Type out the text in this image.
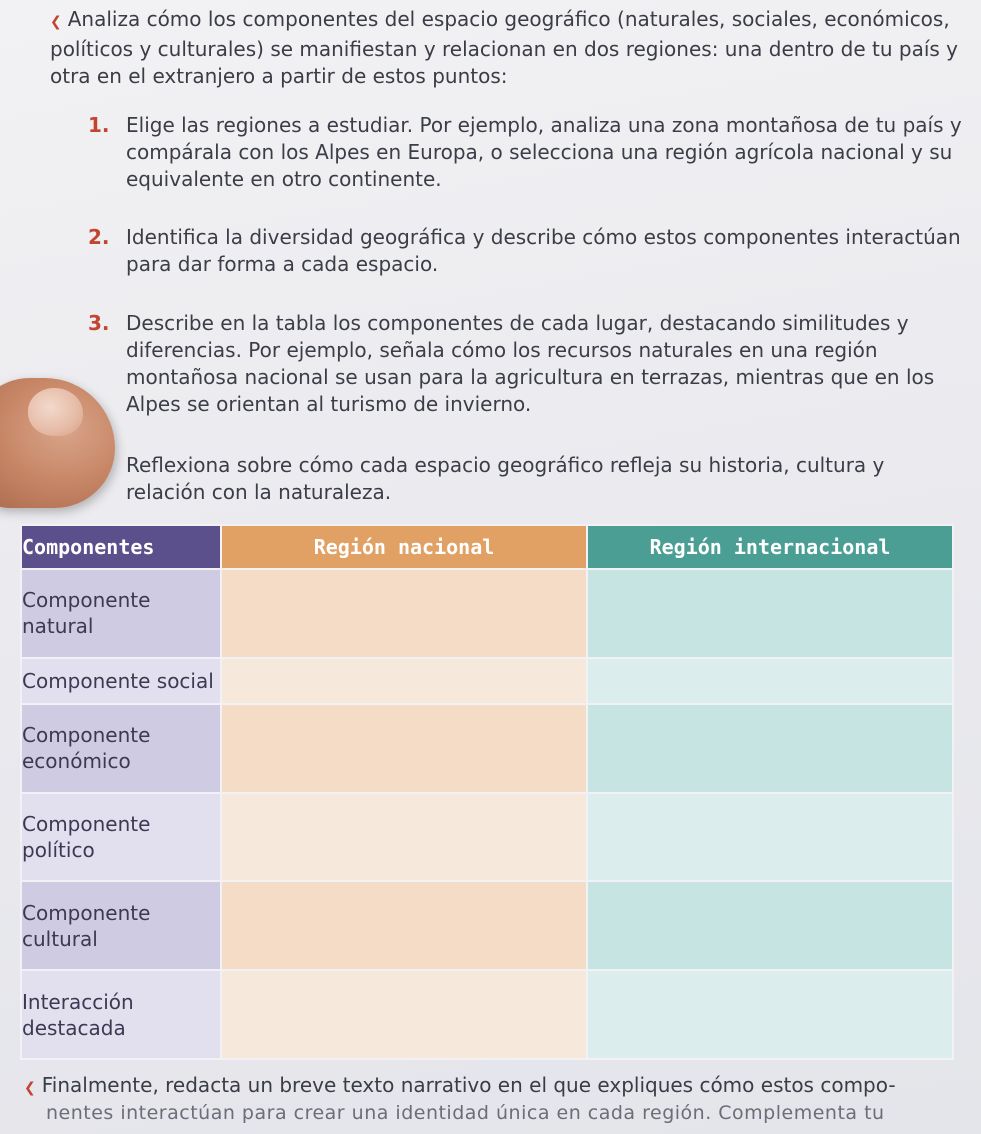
❮ Analiza cómo los componentes del espacio geográfico (naturales, sociales, económicos, políticos y culturales) se manifiestan y relacionan en dos regiones: una dentro de tu país y otra en el extranjero a partir de estos puntos:
1. Elige las regiones a estudiar. Por ejemplo, analiza una zona montañosa de tu país y compárala con los Alpes en Europa, o selecciona una región agrícola nacional y su equivalente en otro continente.
2. Identifica la diversidad geográfica y describe cómo estos componentes interactúan para dar forma a cada espacio.
3. Describe en la tabla los componentes de cada lugar, destacando similitudes y diferencias. Por ejemplo, señala cómo los recursos naturales en una región montañosa nacional se usan para la agricultura en terrazas, mientras que en los Alpes se orientan al turismo de invierno.
Reflexiona sobre cómo cada espacio geográfico refleja su historia, cultura y relación con la naturaleza.
Componentes	Región nacional	Región internacional
Componente natural		
Componente social		
Componente económico		
Componente político		
Componente cultural		
Interacción destacada		
❮ Finalmente, redacta un breve texto narrativo en el que expliques cómo estos compo-
nentes interactúan para crear una identidad única en cada región. Complementa tu
